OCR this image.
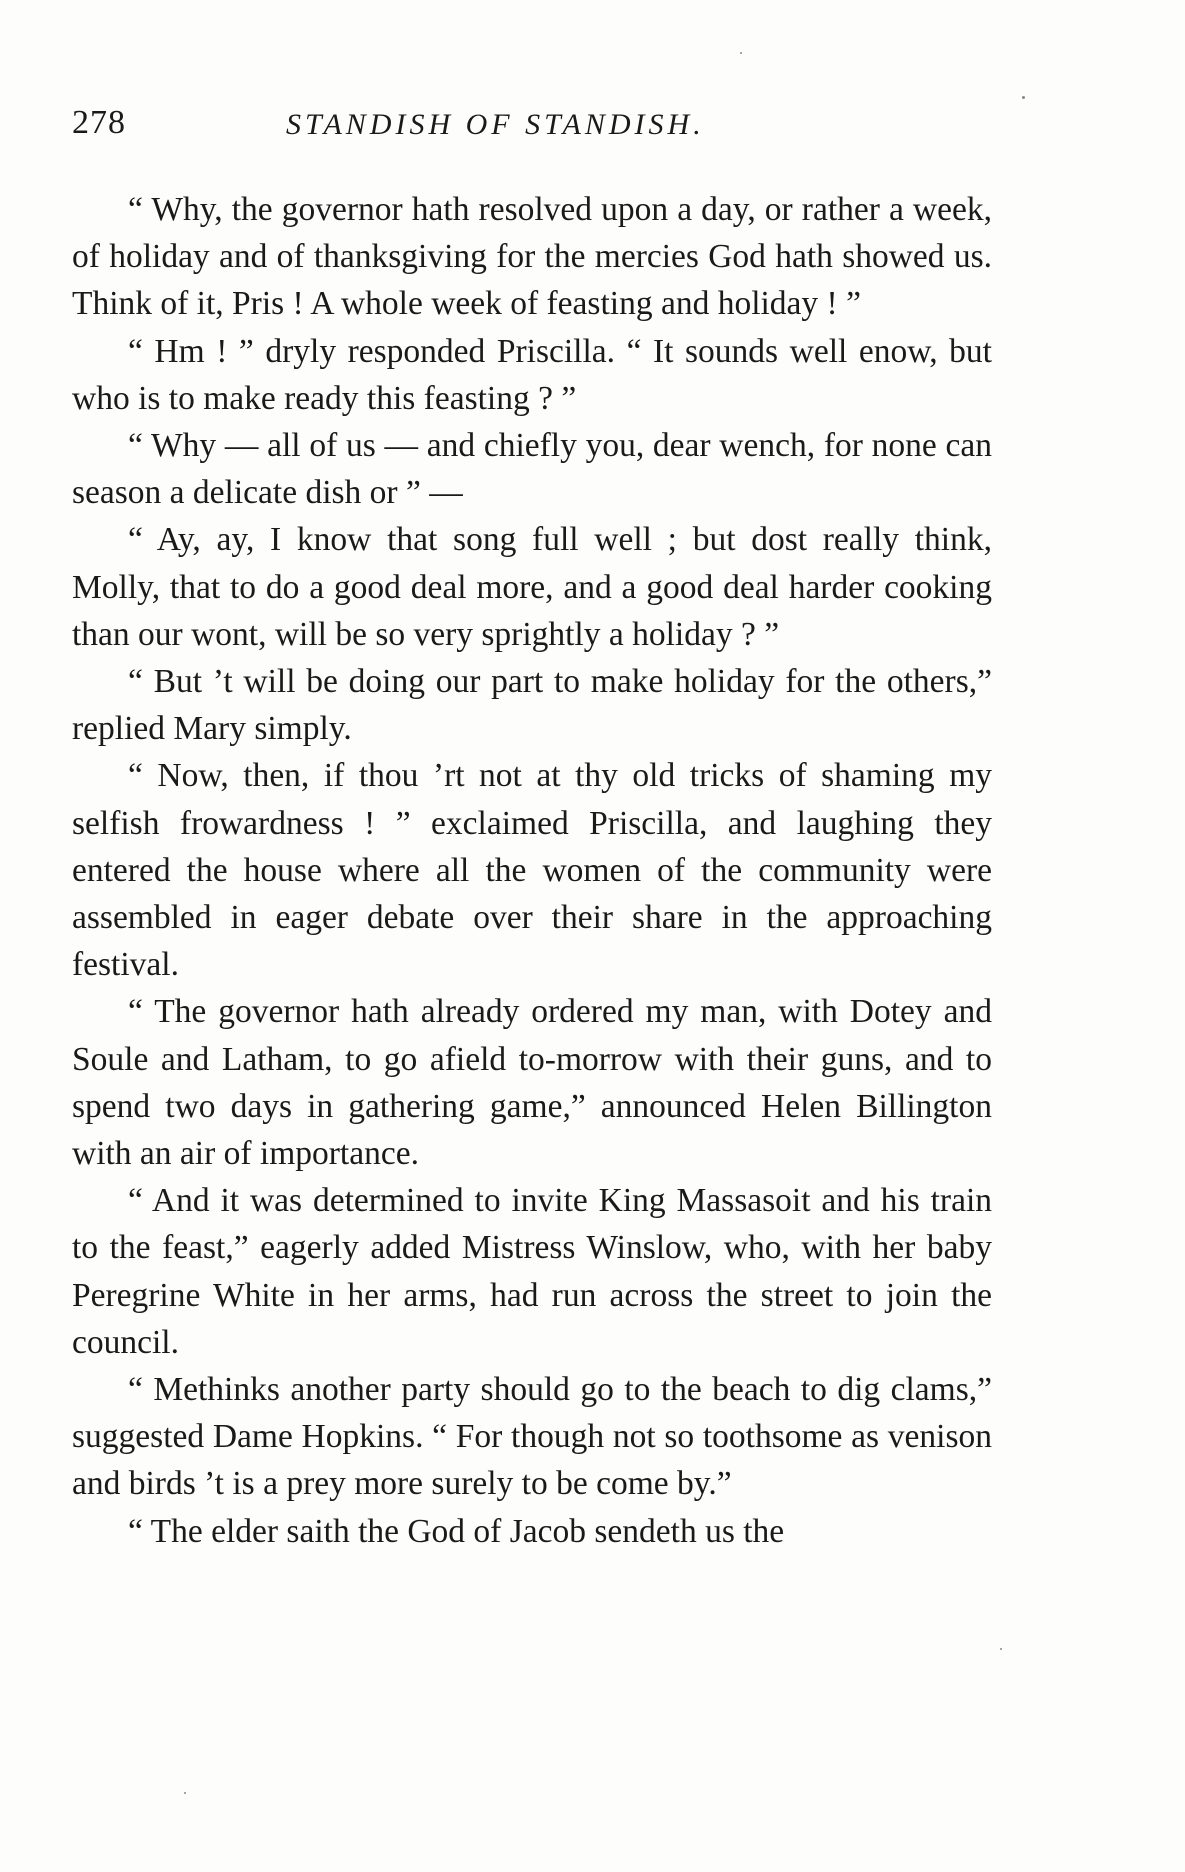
278	STANDISH OF STANDISH.

“ Why, the governor hath resolved upon a day, or rather a week, of holiday and of thanksgiving for the mercies God hath showed us. Think of it, Pris ! A whole week of feasting and holiday ! ”

“ Hm ! ” dryly responded Priscilla. “ It sounds well enow, but who is to make ready this feasting ? ”

“ Why — all of us — and chiefly you, dear wench, for none can season a delicate dish or ” —

“ Ay, ay, I know that song full well ; but dost really think, Molly, that to do a good deal more, and a good deal harder cooking than our wont, will be so very sprightly a holiday ? ”

“ But ’t will be doing our part to make holiday for the others,” replied Mary simply.

“ Now, then, if thou ’rt not at thy old tricks of shaming my selfish frowardness ! ” exclaimed Priscilla, and laughing they entered the house where all the women of the community were assembled in eager debate over their share in the approaching festival.

“ The governor hath already ordered my man, with Dotey and Soule and Latham, to go afield to-morrow with their guns, and to spend two days in gathering game,” announced Helen Billington with an air of importance.

“ And it was determined to invite King Massasoit and his train to the feast,” eagerly added Mistress Winslow, who, with her baby Peregrine White in her arms, had run across the street to join the council.

“ Methinks another party should go to the beach to dig clams,” suggested Dame Hopkins. “ For though not so toothsome as venison and birds ’t is a prey more surely to be come by.”

“ The elder saith the God of Jacob sendeth us the
